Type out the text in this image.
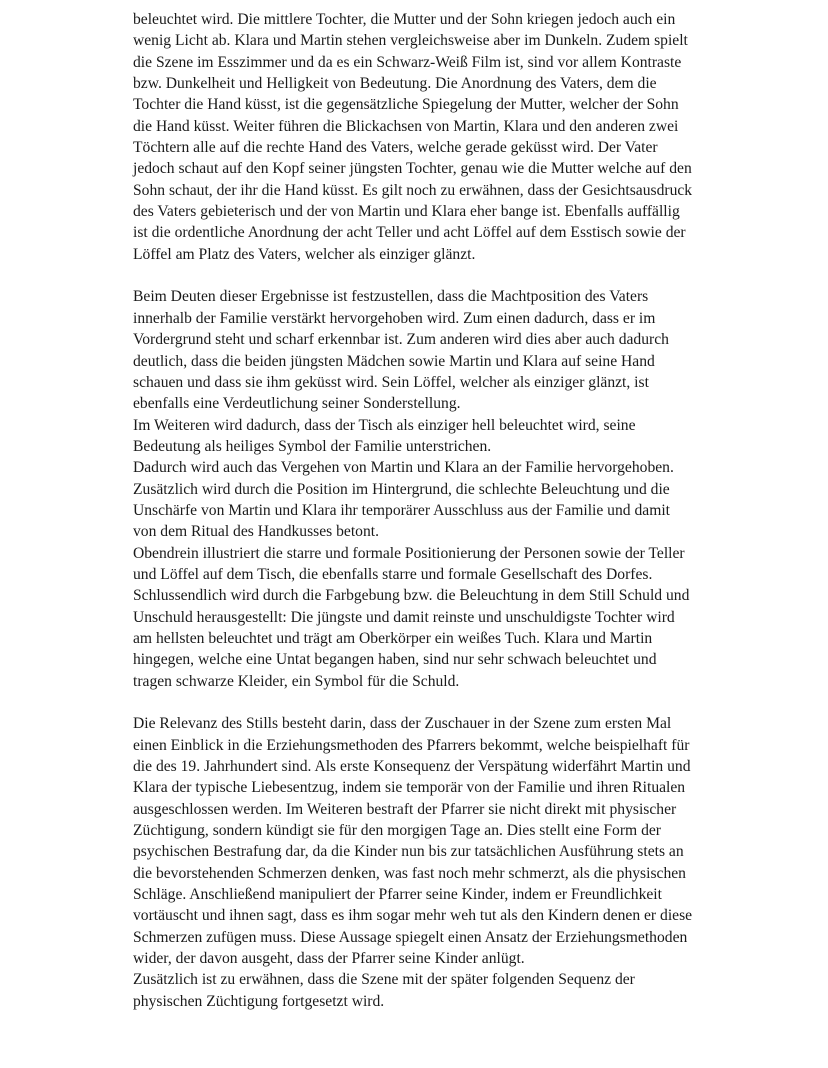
beleuchtet wird. Die mittlere Tochter, die Mutter und der Sohn kriegen jedoch auch ein
wenig Licht ab. Klara und Martin stehen vergleichsweise aber im Dunkeln. Zudem spielt
die Szene im Esszimmer und da es ein Schwarz-Weiß Film ist, sind vor allem Kontraste
bzw. Dunkelheit und Helligkeit von Bedeutung. Die Anordnung des Vaters, dem die
Tochter die Hand küsst, ist die gegensätzliche Spiegelung der Mutter, welcher der Sohn
die Hand küsst. Weiter führen die Blickachsen von Martin, Klara und den anderen zwei
Töchtern alle auf die rechte Hand des Vaters, welche gerade geküsst wird. Der Vater
jedoch schaut auf den Kopf seiner jüngsten Tochter, genau wie die Mutter welche auf den
Sohn schaut, der ihr die Hand küsst. Es gilt noch zu erwähnen, dass der Gesichtsausdruck
des Vaters gebieterisch und der von Martin und Klara eher bange ist. Ebenfalls auffällig
ist die ordentliche Anordnung der acht Teller und acht Löffel auf dem Esstisch sowie der
Löffel am Platz des Vaters, welcher als einziger glänzt.
Beim Deuten dieser Ergebnisse ist festzustellen, dass die Machtposition des Vaters
innerhalb der Familie verstärkt hervorgehoben wird. Zum einen dadurch, dass er im
Vordergrund steht und scharf erkennbar ist. Zum anderen wird dies aber auch dadurch
deutlich, dass die beiden jüngsten Mädchen sowie Martin und Klara auf seine Hand
schauen und dass sie ihm geküsst wird. Sein Löffel, welcher als einziger glänzt, ist
ebenfalls eine Verdeutlichung seiner Sonderstellung.
Im Weiteren wird dadurch, dass der Tisch als einziger hell beleuchtet wird, seine
Bedeutung als heiliges Symbol der Familie unterstrichen.
Dadurch wird auch das Vergehen von Martin und Klara an der Familie hervorgehoben.
Zusätzlich wird durch die Position im Hintergrund, die schlechte Beleuchtung und die
Unschärfe von Martin und Klara ihr temporärer Ausschluss aus der Familie und damit
von dem Ritual des Handkusses betont.
Obendrein illustriert die starre und formale Positionierung der Personen sowie der Teller
und Löffel auf dem Tisch, die ebenfalls starre und formale Gesellschaft des Dorfes.
Schlussendlich wird durch die Farbgebung bzw. die Beleuchtung in dem Still Schuld und
Unschuld herausgestellt: Die jüngste und damit reinste und unschuldigste Tochter wird
am hellsten beleuchtet und trägt am Oberkörper ein weißes Tuch. Klara und Martin
hingegen, welche eine Untat begangen haben, sind nur sehr schwach beleuchtet und
tragen schwarze Kleider, ein Symbol für die Schuld.
Die Relevanz des Stills besteht darin, dass der Zuschauer in der Szene zum ersten Mal
einen Einblick in die Erziehungsmethoden des Pfarrers bekommt, welche beispielhaft für
die des 19. Jahrhundert sind. Als erste Konsequenz der Verspätung widerfährt Martin und
Klara der typische Liebesentzug, indem sie temporär von der Familie und ihren Ritualen
ausgeschlossen werden. Im Weiteren bestraft der Pfarrer sie nicht direkt mit physischer
Züchtigung, sondern kündigt sie für den morgigen Tage an. Dies stellt eine Form der
psychischen Bestrafung dar, da die Kinder nun bis zur tatsächlichen Ausführung stets an
die bevorstehenden Schmerzen denken, was fast noch mehr schmerzt, als die physischen
Schläge. Anschließend manipuliert der Pfarrer seine Kinder, indem er Freundlichkeit
vortäuscht und ihnen sagt, dass es ihm sogar mehr weh tut als den Kindern denen er diese
Schmerzen zufügen muss. Diese Aussage spiegelt einen Ansatz der Erziehungsmethoden
wider, der davon ausgeht, dass der Pfarrer seine Kinder anlügt.
Zusätzlich ist zu erwähnen, dass die Szene mit der später folgenden Sequenz der
physischen Züchtigung fortgesetzt wird.
